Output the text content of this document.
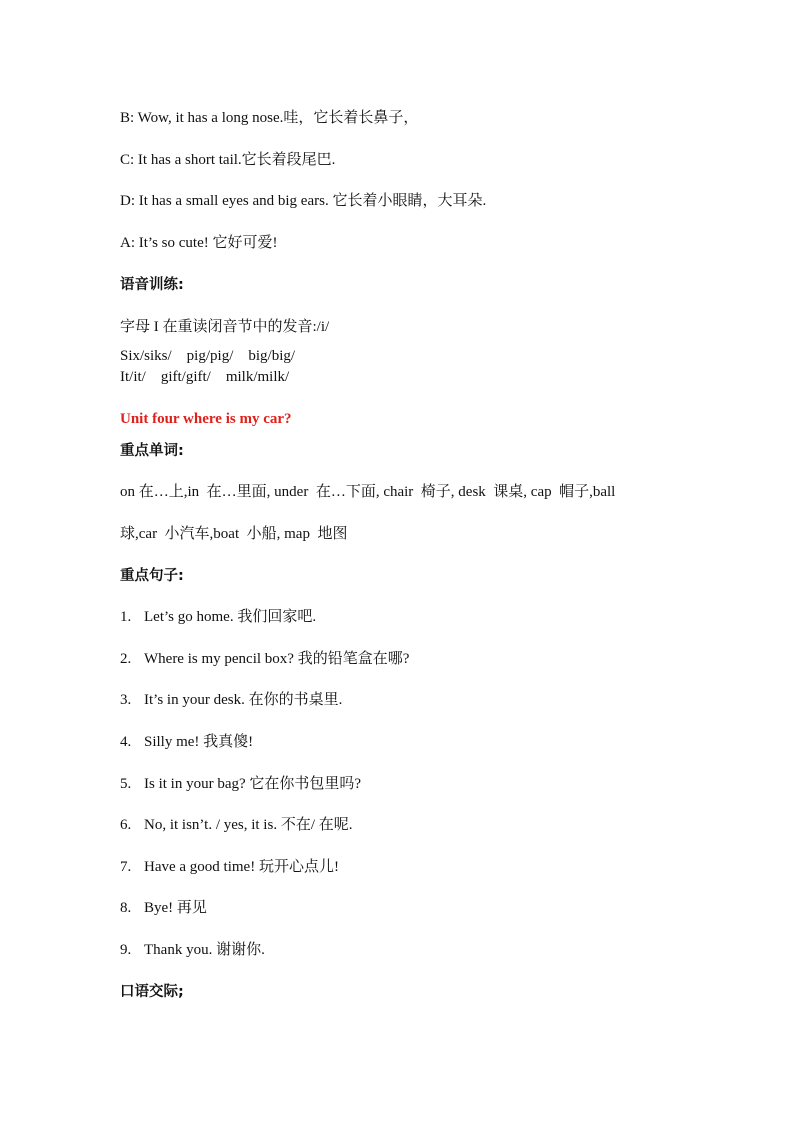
B: Wow, it has a long nose.哇，它长着长鼻子，
C: It has a short tail.它长着段尾巴.
D: It has a small eyes and big ears. 它长着小眼睛，大耳朵.
A: It’s so cute! 它好可爱!
语音训练:
字母 I 在重读闭音节中的发音:/i/
Six/siks/    pig/pig/    big/big/
It/it/    gift/gift/    milk/milk/
Unit four where is my car?
重点单词:
on 在…上,in  在…里面, under  在…下面, chair  椅子, desk  课桌, cap  帽子,ball
球,car  小汽车,boat  小船, map  地图
重点句子:
1. Let’s go home. 我们回家吧.
2. Where is my pencil box? 我的铅笔盒在哪?
3. It’s in your desk. 在你的书桌里.
4. Silly me! 我真傻!
5. Is it in your bag? 它在你书包里吗?
6. No, it isn’t. / yes, it is. 不在/ 在呢.
7. Have a good time! 玩开心点儿!
8. Bye! 再见
9. Thank you. 谢谢你.
口语交际;
